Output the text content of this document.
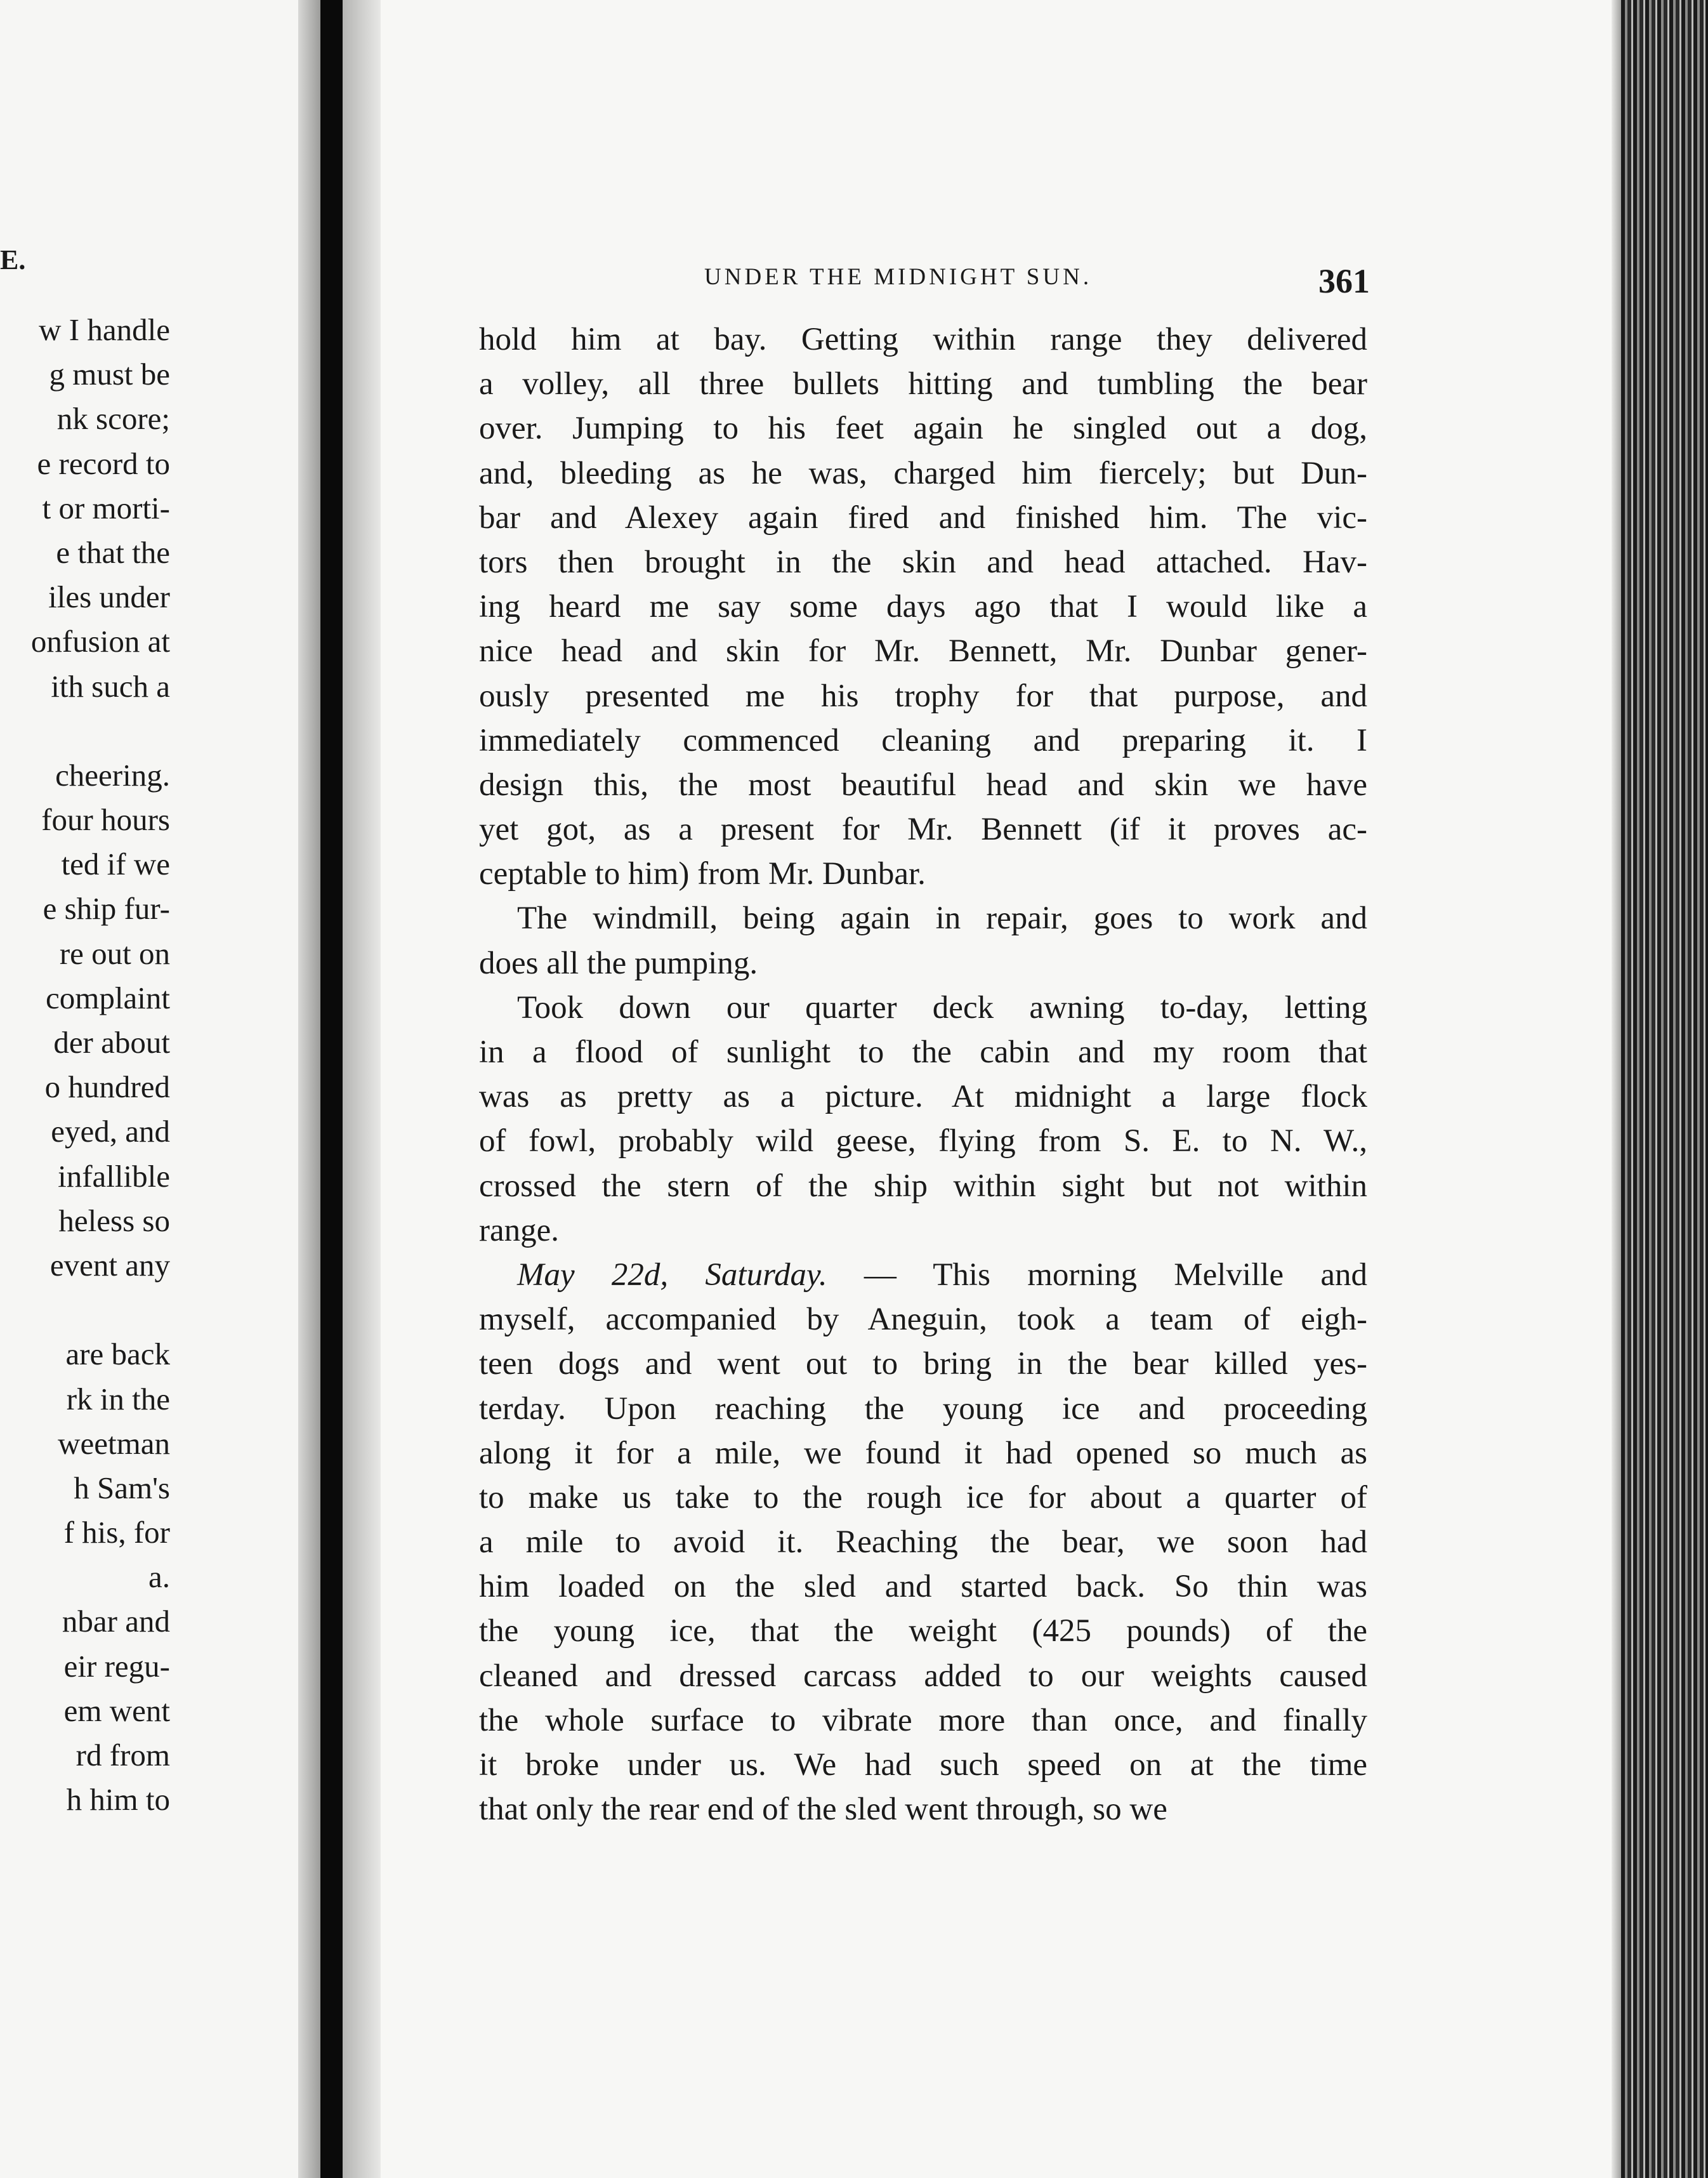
E.
w I handle
g must be
nk score;
e record to
t or morti-
e that the
iles under
onfusion at
ith such a
cheering.
four hours
ted if we
e ship fur-
re out on
complaint
der about
o hundred
eyed, and
infallible
heless so
event any
are back
rk in the
weetman
h Sam's
f his, for
a.
nbar and
eir regu-
em went
rd from
h him to
UNDER THE MIDNIGHT SUN.	361
hold him at bay. Getting within range they delivered
a volley, all three bullets hitting and tumbling the bear
over. Jumping to his feet again he singled out a dog,
and, bleeding as he was, charged him fiercely; but Dun-
bar and Alexey again fired and finished him. The vic-
tors then brought in the skin and head attached. Hav-
ing heard me say some days ago that I would like a
nice head and skin for Mr. Bennett, Mr. Dunbar gener-
ously presented me his trophy for that purpose, and
immediately commenced cleaning and preparing it. I
design this, the most beautiful head and skin we have
yet got, as a present for Mr. Bennett (if it proves ac-
ceptable to him) from Mr. Dunbar.
The windmill, being again in repair, goes to work and
does all the pumping.
Took down our quarter deck awning to-day, letting
in a flood of sunlight to the cabin and my room that
was as pretty as a picture. At midnight a large flock
of fowl, probably wild geese, flying from S. E. to N. W.,
crossed the stern of the ship within sight but not within
range.
May 22d, Saturday. — This morning Melville and
myself, accompanied by Aneguin, took a team of eigh-
teen dogs and went out to bring in the bear killed yes-
terday. Upon reaching the young ice and proceeding
along it for a mile, we found it had opened so much as
to make us take to the rough ice for about a quarter of
a mile to avoid it. Reaching the bear, we soon had
him loaded on the sled and started back. So thin was
the young ice, that the weight (425 pounds) of the
cleaned and dressed carcass added to our weights caused
the whole surface to vibrate more than once, and finally
it broke under us. We had such speed on at the time
that only the rear end of the sled went through, so we
